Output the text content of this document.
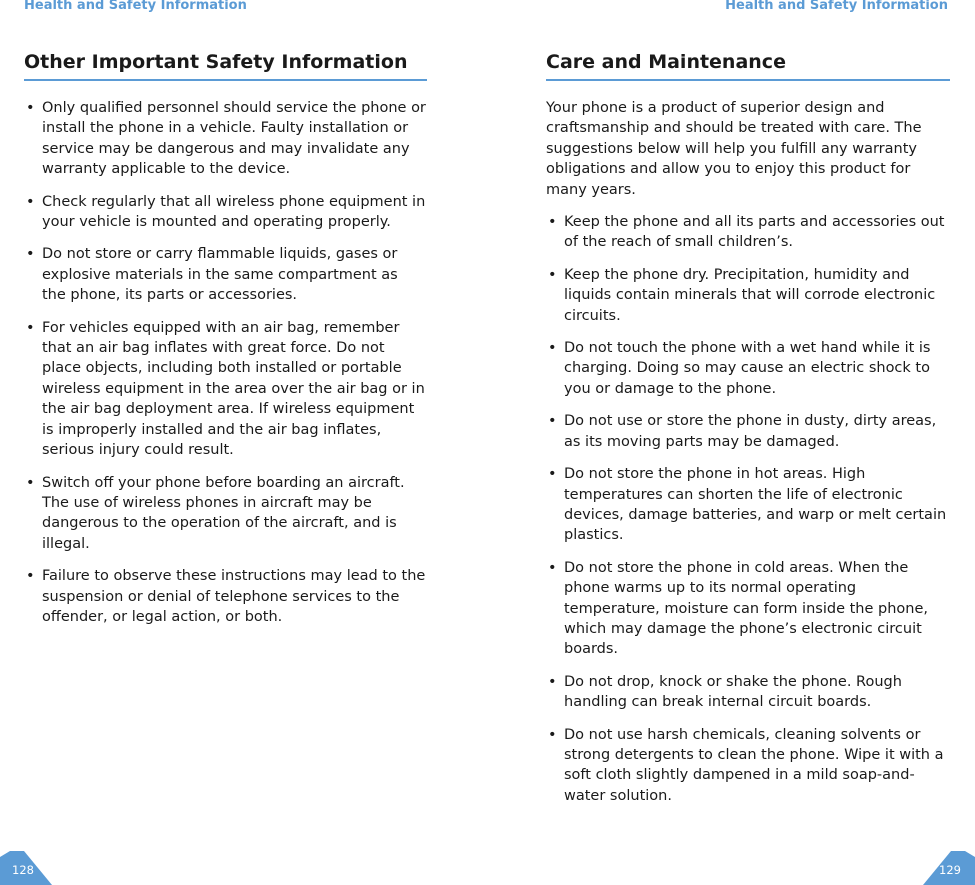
Health and Safety Information
Other Important Safety Information
• Only qualified personnel should service the phone or install the phone in a vehicle. Faulty installation or service may be dangerous and may invalidate any warranty applicable to the device.
• Check regularly that all wireless phone equipment in your vehicle is mounted and operating properly.
• Do not store or carry flammable liquids, gases or explosive materials in the same compartment as the phone, its parts or accessories.
• For vehicles equipped with an air bag, remember that an air bag inflates with great force. Do not place objects, including both installed or portable wireless equipment in the area over the air bag or in the air bag deployment area. If wireless equipment is improperly installed and the air bag inflates, serious injury could result.
• Switch off your phone before boarding an aircraft. The use of wireless phones in aircraft may be dangerous to the operation of the aircraft, and is illegal.
• Failure to observe these instructions may lead to the suspension or denial of telephone services to the offender, or legal action, or both.
128
Health and Safety Information
Care and Maintenance

Your phone is a product of superior design and craftsmanship and should be treated with care. The suggestions below will help you fulfill any warranty obligations and allow you to enjoy this product for many years.

• Keep the phone and all its parts and accessories out of the reach of small children’s.
• Keep the phone dry. Precipitation, humidity and liquids contain minerals that will corrode electronic circuits.
• Do not touch the phone with a wet hand while it is charging. Doing so may cause an electric shock to you or damage to the phone.
• Do not use or store the phone in dusty, dirty areas, as its moving parts may be damaged.
• Do not store the phone in hot areas. High temperatures can shorten the life of electronic devices, damage batteries, and warp or melt certain plastics.
• Do not store the phone in cold areas. When the phone warms up to its normal operating temperature, moisture can form inside the phone, which may damage the phone’s electronic circuit boards.
• Do not drop, knock or shake the phone. Rough handling can break internal circuit boards.
• Do not use harsh chemicals, cleaning solvents or strong detergents to clean the phone. Wipe it with a soft cloth slightly dampened in a mild soap-and-water solution.
129
